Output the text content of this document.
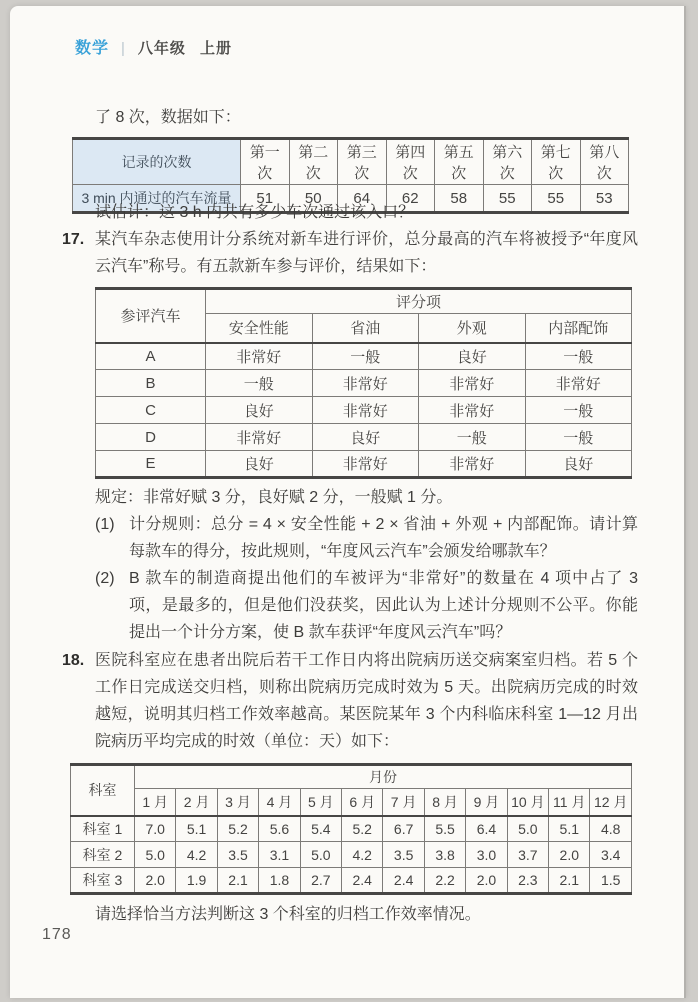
数学 | 八年级 上册
了 8 次，数据如下：
记录的次数	第一次	第二次	第三次	第四次	第五次	第六次	第七次	第八次
3 min 内通过的汽车流量	51	50	64	62	58	55	55	53
试估计：这 3 h 内共有多少车次通过该入口？
17. 某汽车杂志使用计分系统对新车进行评价，总分最高的汽车将被授予“年度风云汽车”称号。有五款新车参与评价，结果如下：
参评汽车	评分项			
	安全性能	省油	外观	内部配饰
A	非常好	一般	良好	一般
B	一般	非常好	非常好	非常好
C	良好	非常好	非常好	一般
D	非常好	良好	一般	一般
E	良好	非常好	非常好	良好
规定：非常好赋 3 分，良好赋 2 分，一般赋 1 分。
(1) 计分规则：总分 = 4 × 安全性能 + 2 × 省油 + 外观 + 内部配饰。请计算每款车的得分，按此规则，“年度风云汽车”会颁发给哪款车？
(2) B 款车的制造商提出他们的车被评为“非常好”的数量在 4 项中占了 3 项，是最多的，但是他们没获奖，因此认为上述计分规则不公平。你能提出一个计分方案，使 B 款车获评“年度风云汽车”吗？
18. 医院科室应在患者出院后若干工作日内将出院病历送交病案室归档。若 5 个工作日完成送交归档，则称出院病历完成时效为 5 天。出院病历完成的时效越短，说明其归档工作效率越高。某医院某年 3 个内科临床科室 1—12 月出院病历平均完成的时效（单位：天）如下：
科室	月份											
	1 月	2 月	3 月	4 月	5 月	6 月	7 月	8 月	9 月	10 月	11 月	12 月
科室 1	7.0	5.1	5.2	5.6	5.4	5.2	6.7	5.5	6.4	5.0	5.1	4.8
科室 2	5.0	4.2	3.5	3.1	5.0	4.2	3.5	3.8	3.0	3.7	2.0	3.4
科室 3	2.0	1.9	2.1	1.8	2.7	2.4	2.4	2.2	2.0	2.3	2.1	1.5
请选择恰当方法判断这 3 个科室的归档工作效率情况。
178
